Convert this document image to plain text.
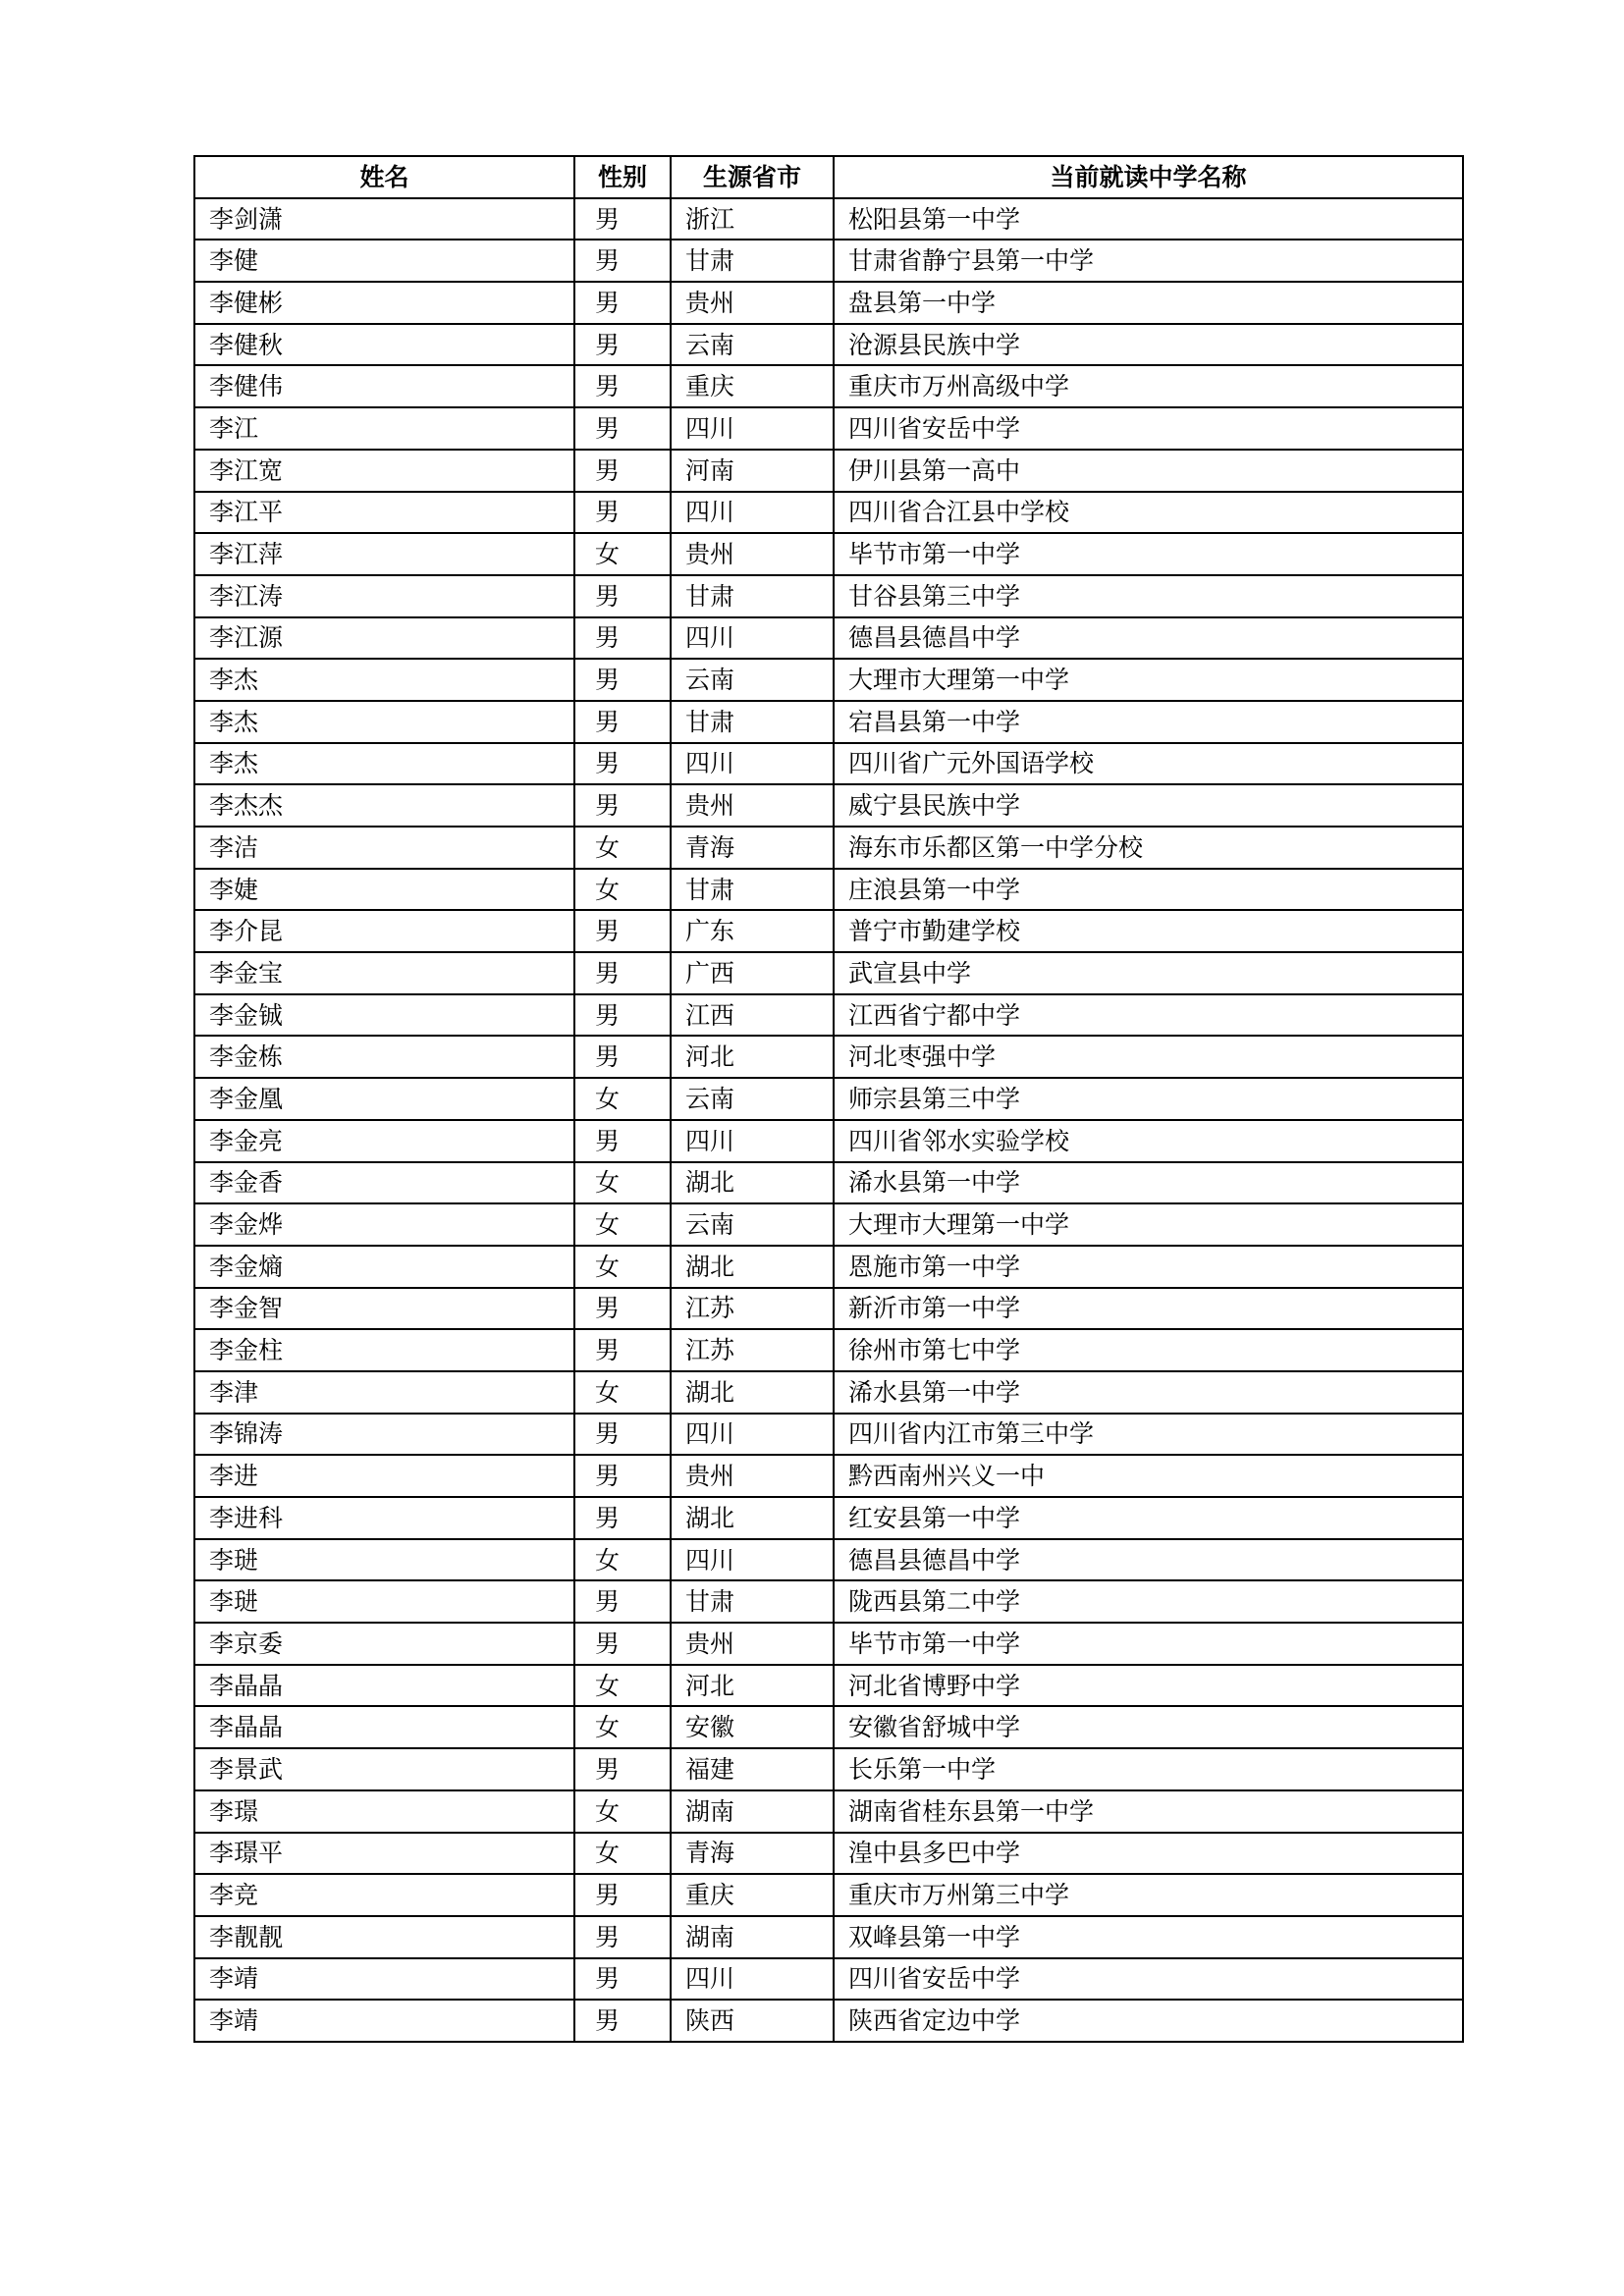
姓名	性别	生源省市	当前就读中学名称
李剑潇	男	浙江	松阳县第一中学
李健	男	甘肃	甘肃省静宁县第一中学
李健彬	男	贵州	盘县第一中学
李健秋	男	云南	沧源县民族中学
李健伟	男	重庆	重庆市万州高级中学
李江	男	四川	四川省安岳中学
李江宽	男	河南	伊川县第一高中
李江平	男	四川	四川省合江县中学校
李江萍	女	贵州	毕节市第一中学
李江涛	男	甘肃	甘谷县第三中学
李江源	男	四川	德昌县德昌中学
李杰	男	云南	大理市大理第一中学
李杰	男	甘肃	宕昌县第一中学
李杰	男	四川	四川省广元外国语学校
李杰杰	男	贵州	威宁县民族中学
李洁	女	青海	海东市乐都区第一中学分校
李婕	女	甘肃	庄浪县第一中学
李介昆	男	广东	普宁市勤建学校
李金宝	男	广西	武宣县中学
李金铖	男	江西	江西省宁都中学
李金栋	男	河北	河北枣强中学
李金凰	女	云南	师宗县第三中学
李金亮	男	四川	四川省邻水实验学校
李金香	女	湖北	浠水县第一中学
李金烨	女	云南	大理市大理第一中学
李金熵	女	湖北	恩施市第一中学
李金智	男	江苏	新沂市第一中学
李金柱	男	江苏	徐州市第七中学
李津	女	湖北	浠水县第一中学
李锦涛	男	四川	四川省内江市第三中学
李进	男	贵州	黔西南州兴义一中
李进科	男	湖北	红安县第一中学
李琎	女	四川	德昌县德昌中学
李琎	男	甘肃	陇西县第二中学
李京委	男	贵州	毕节市第一中学
李晶晶	女	河北	河北省博野中学
李晶晶	女	安徽	安徽省舒城中学
李景武	男	福建	长乐第一中学
李璟	女	湖南	湖南省桂东县第一中学
李璟平	女	青海	湟中县多巴中学
李竞	男	重庆	重庆市万州第三中学
李靓靓	男	湖南	双峰县第一中学
李靖	男	四川	四川省安岳中学
李靖	男	陕西	陕西省定边中学
